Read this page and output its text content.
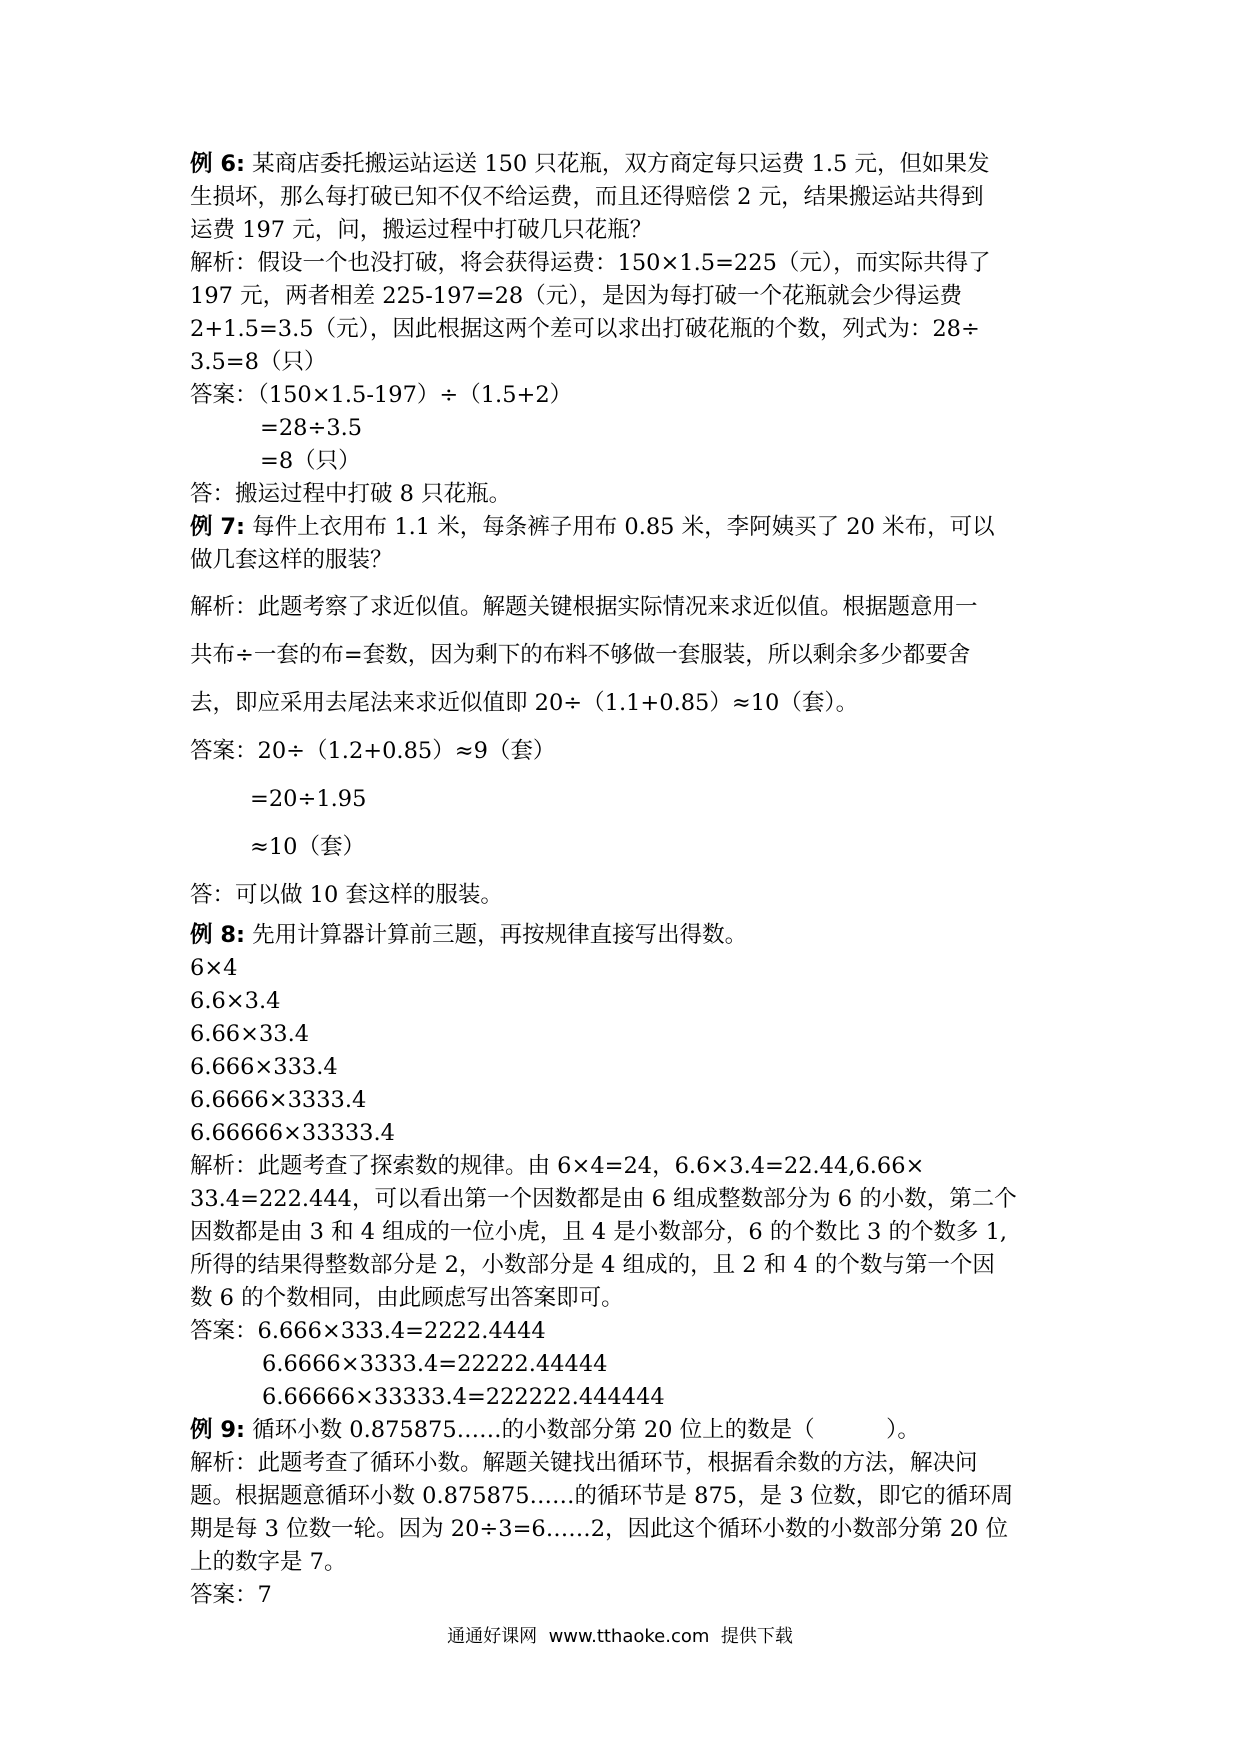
例 6: 某商店委托搬运站运送 150 只花瓶，双方商定每只运费 1.5 元，但如果发
生损坏，那么每打破已知不仅不给运费，而且还得赔偿 2 元，结果搬运站共得到
运费 197 元，问，搬运过程中打破几只花瓶？
解析：假设一个也没打破，将会获得运费：150×1.5=225（元），而实际共得了
197 元，两者相差 225-197=28（元），是因为每打破一个花瓶就会少得运费
2+1.5=3.5（元），因此根据这两个差可以求出打破花瓶的个数，列式为：28÷
3.5=8（只）
答案：（150×1.5-197）÷（1.5+2）
=28÷3.5
=8（只）
答：搬运过程中打破 8 只花瓶。
例 7: 每件上衣用布 1.1 米，每条裤子用布 0.85 米，李阿姨买了 20 米布，可以
做几套这样的服装？
解析：此题考察了求近似值。解题关键根据实际情况来求近似值。根据题意用一
共布÷一套的布=套数，因为剩下的布料不够做一套服装，所以剩余多少都要舍
去，即应采用去尾法来求近似值即 20÷（1.1+0.85）≈10（套）。
答案：20÷（1.2+0.85）≈9（套）
=20÷1.95
≈10（套）
答：可以做 10 套这样的服装。
例 8: 先用计算器计算前三题，再按规律直接写出得数。
6×4
6.6×3.4
6.66×33.4
6.666×333.4
6.6666×3333.4
6.66666×33333.4
解析：此题考查了探索数的规律。由 6×4=24，6.6×3.4=22.44,6.66×
33.4=222.444，可以看出第一个因数都是由 6 组成整数部分为 6 的小数，第二个
因数都是由 3 和 4 组成的一位小虎，且 4 是小数部分，6 的个数比 3 的个数多 1,
所得的结果得整数部分是 2，小数部分是 4 组成的，且 2 和 4 的个数与第一个因
数 6 的个数相同，由此顾虑写出答案即可。
答案：6.666×333.4=2222.4444
6.6666×3333.4=22222.44444
6.66666×33333.4=222222.444444
例 9: 循环小数 0.875875……的小数部分第 20 位上的数是（          ）。
解析：此题考查了循环小数。解题关键找出循环节，根据看余数的方法，解决问
题。根据题意循环小数 0.875875……的循环节是 875，是 3 位数，即它的循环周
期是每 3 位数一轮。因为 20÷3=6……2，因此这个循环小数的小数部分第 20 位
上的数字是 7。
答案：7
通通好课网  www.tthaoke.com  提供下载
